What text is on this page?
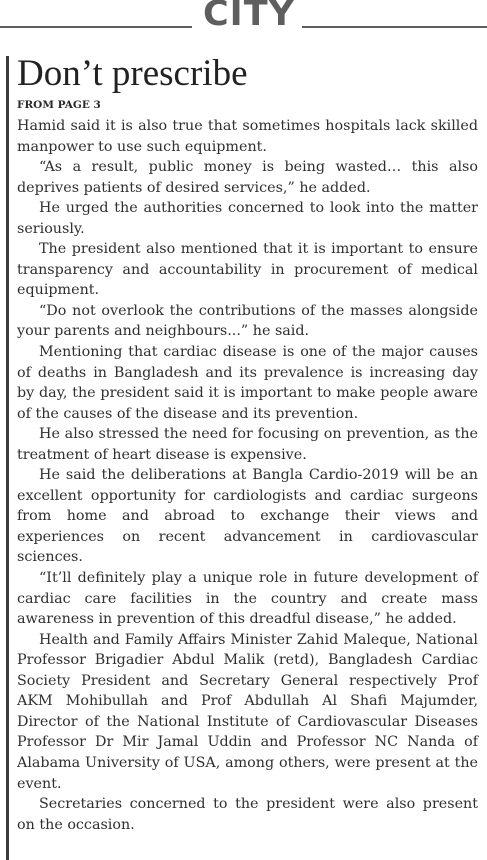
CITY
Don’t prescribe
FROM PAGE 3

Hamid said it is also true that sometimes hospitals lack skilled manpower to use such equipment.

“As a result, public money is being wasted… this also deprives patients of desired services,” he added.

He urged the authorities concerned to look into the matter seriously.

The president also mentioned that it is important to ensure transparency and accountability in procurement of medical equipment.

“Do not overlook the contributions of the masses alongside your parents and neighbours...” he said.

Mentioning that cardiac disease is one of the major causes of deaths in Bangladesh and its prevalence is increasing day by day, the president said it is important to make people aware of the causes of the disease and its prevention.

He also stressed the need for focusing on prevention, as the treatment of heart disease is expensive.

He said the deliberations at Bangla Cardio-2019 will be an excellent opportunity for cardiologists and cardiac surgeons from home and abroad to exchange their views and experiences on recent advancement in cardiovascular sciences.

“It’ll definitely play a unique role in future development of cardiac care facilities in the country and create mass awareness in prevention of this dreadful disease,” he added.

Health and Family Affairs Minister Zahid Maleque, National Professor Brigadier Abdul Malik (retd), Bangladesh Cardiac Society President and Secretary General respectively Prof AKM Mohibullah and Prof Abdullah Al Shafi Majumder, Director of the National Institute of Cardiovascular Diseases Professor Dr Mir Jamal Uddin and Professor NC Nanda of Alabama University of USA, among others, were present at the event.

Secretaries concerned to the president were also present on the occasion.
